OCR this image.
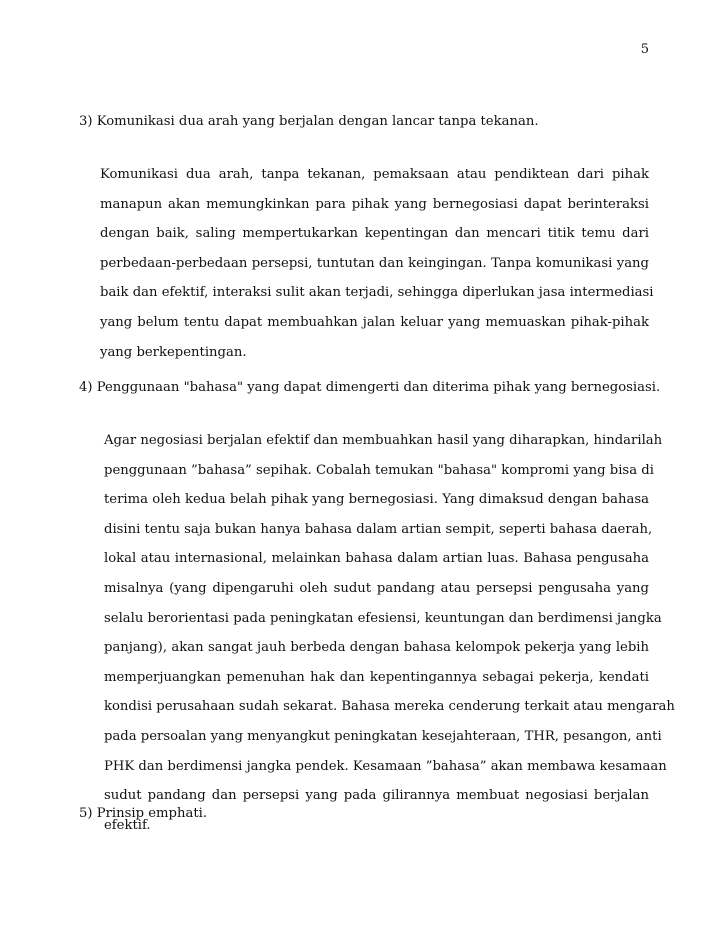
5
3) Komunikasi dua arah yang berjalan dengan lancar tanpa tekanan.
Komunikasi dua arah, tanpa tekanan, pemaksaan atau pendiktean dari pihak
manapun akan memungkinkan para pihak yang bernegosiasi dapat berinteraksi
dengan baik, saling mempertukarkan kepentingan dan mencari titik temu dari
perbedaan-perbedaan persepsi, tuntutan dan keingingan. Tanpa komunikasi yang
baik dan efektif, interaksi sulit akan terjadi, sehingga diperlukan jasa intermediasi
yang belum tentu dapat membuahkan jalan keluar yang memuaskan pihak-pihak
yang berkepentingan.
4) Penggunaan "bahasa" yang dapat dimengerti dan diterima pihak yang bernegosiasi.
Agar negosiasi berjalan efektif dan membuahkan hasil yang diharapkan, hindarilah
penggunaan ”bahasa” sepihak. Cobalah temukan "bahasa" kompromi yang bisa di
terima oleh kedua belah pihak yang bernegosiasi. Yang dimaksud dengan bahasa
disini tentu saja bukan hanya bahasa dalam artian sempit, seperti bahasa daerah,
lokal atau internasional, melainkan bahasa dalam artian luas. Bahasa pengusaha
misalnya (yang dipengaruhi oleh sudut pandang atau persepsi pengusaha yang
selalu berorientasi pada peningkatan efesiensi, keuntungan dan berdimensi jangka
panjang), akan sangat jauh berbeda dengan bahasa kelompok pekerja yang lebih
memperjuangkan pemenuhan hak dan kepentingannya sebagai pekerja, kendati
kondisi perusahaan sudah sekarat. Bahasa mereka cenderung terkait atau mengarah
pada persoalan yang menyangkut peningkatan kesejahteraan, THR, pesangon, anti
PHK dan berdimensi jangka pendek. Kesamaan ”bahasa” akan membawa kesamaan
sudut pandang dan persepsi yang pada gilirannya membuat negosiasi berjalan
efektif.
5) Prinsip emphati.
